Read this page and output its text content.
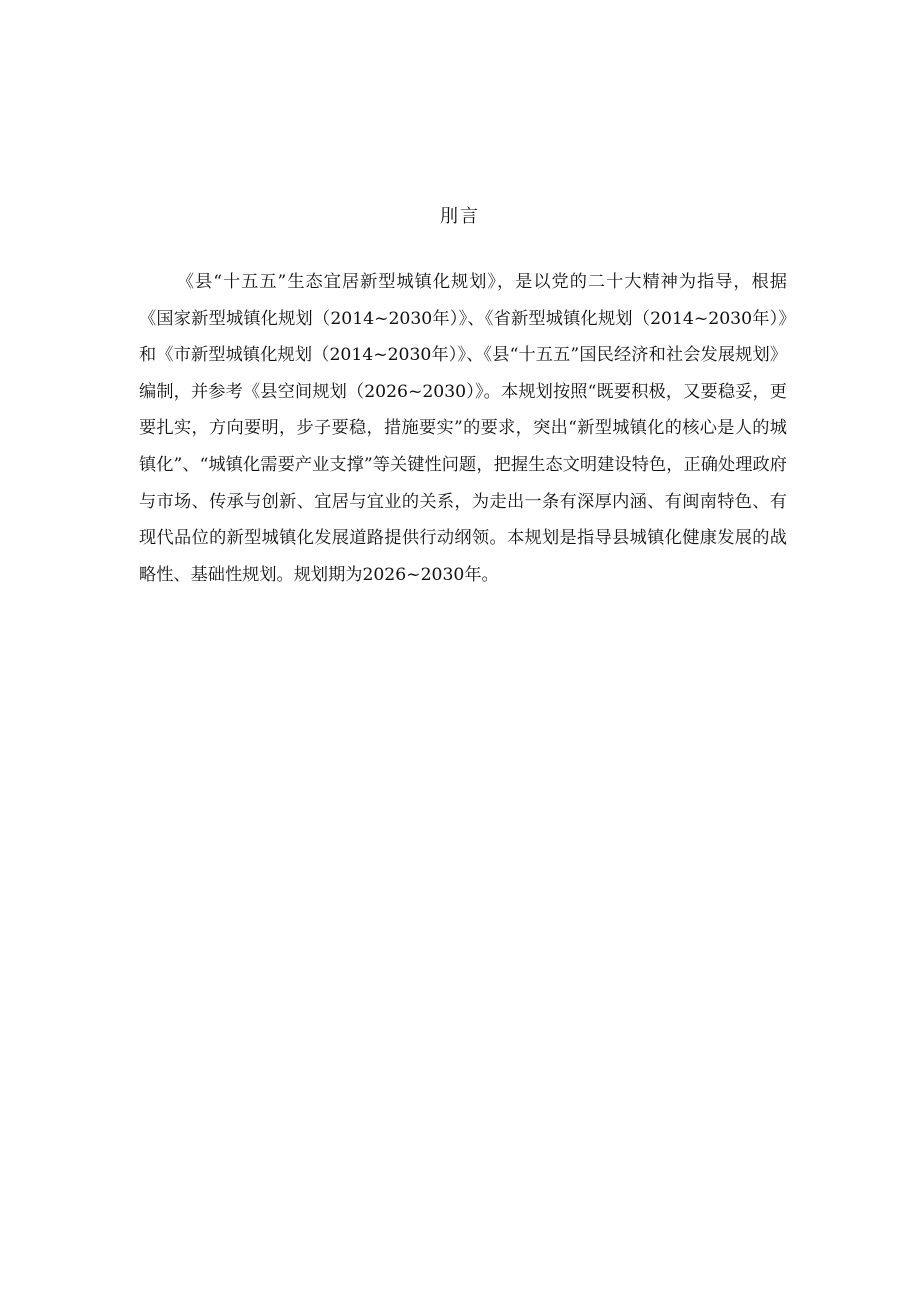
刖言

《县“十五五”生态宜居新型城镇化规划》，是以党的二十大精神为指导，根据《国家新型城镇化规划（2014~2030年）》、《省新型城镇化规划（2014~2030年）》和《市新型城镇化规划（2014~2030年）》、《县“十五五”国民经济和社会发展规划》编制，并参考《县空间规划（2026~2030）》。本规划按照“既要积极，又要稳妥，更要扎实，方向要明，步子要稳，措施要实”的要求，突出“新型城镇化的核心是人的城镇化”、“城镇化需要产业支撑”等关键性问题，把握生态文明建设特色，正确处理政府与市场、传承与创新、宜居与宜业的关系，为走出一条有深厚内涵、有闽南特色、有现代品位的新型城镇化发展道路提供行动纲领。本规划是指导县城镇化健康发展的战略性、基础性规划。规划期为2026~2030年。
